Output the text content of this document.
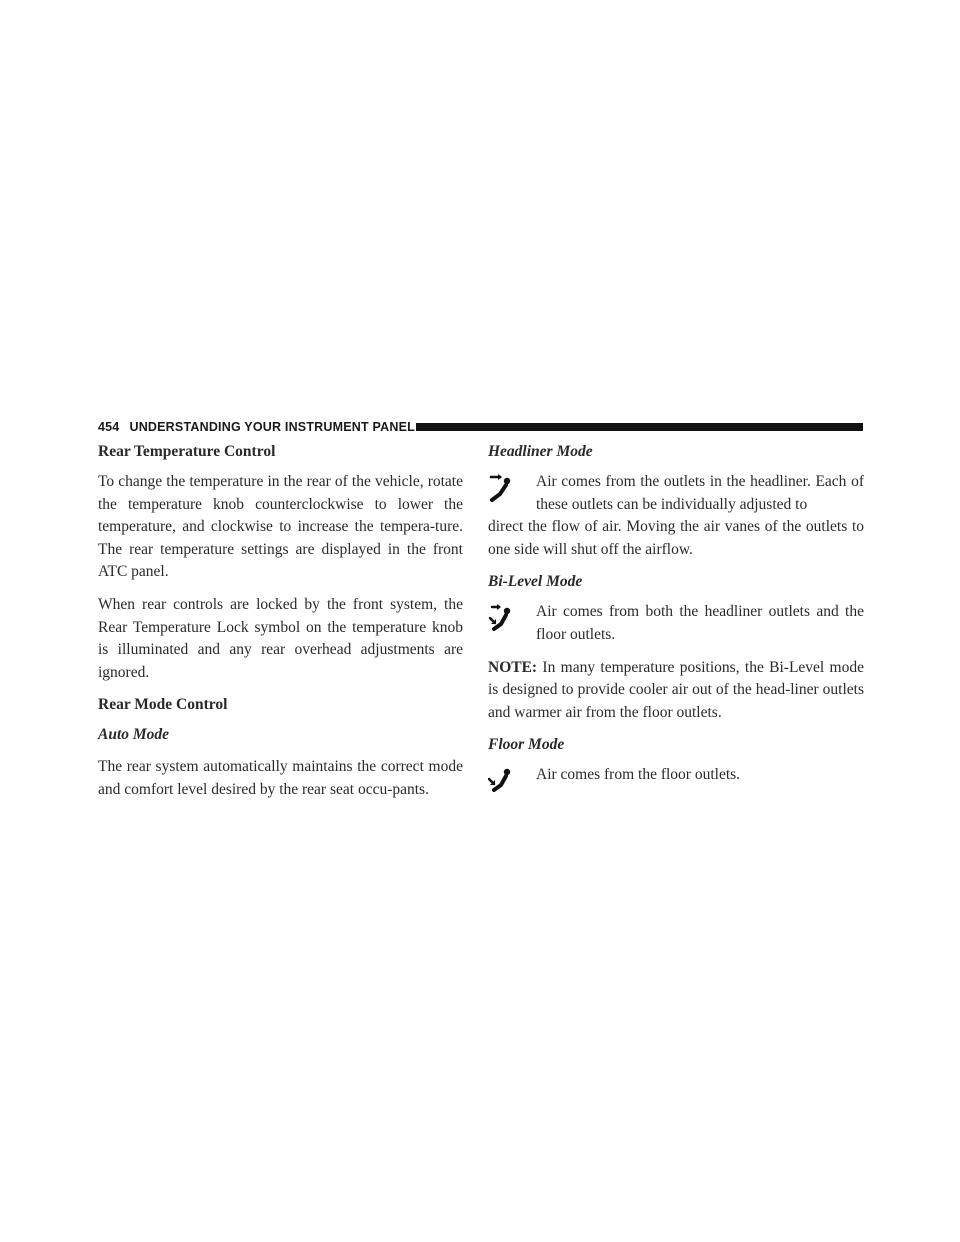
454 UNDERSTANDING YOUR INSTRUMENT PANEL
Rear Temperature Control

To change the temperature in the rear of the vehicle, rotate the temperature knob counterclockwise to lower the temperature, and clockwise to increase the tempera-ture. The rear temperature settings are displayed in the front ATC panel.

When rear controls are locked by the front system, the Rear Temperature Lock symbol on the temperature knob is illuminated and any rear overhead adjustments are ignored.

Rear Mode Control
Auto Mode

The rear system automatically maintains the correct mode and comfort level desired by the rear seat occu-pants.

Headliner Mode

Air comes from the outlets in the headliner. Each of these outlets can be individually adjusted to

direct the flow of air. Moving the air vanes of the outlets to one side will shut off the airflow.

Bi-Level Mode

Air comes from both the headliner outlets and the floor outlets.

NOTE: In many temperature positions, the Bi-Level mode is designed to provide cooler air out of the head-liner outlets and warmer air from the floor outlets.

Floor Mode

Air comes from the floor outlets.
